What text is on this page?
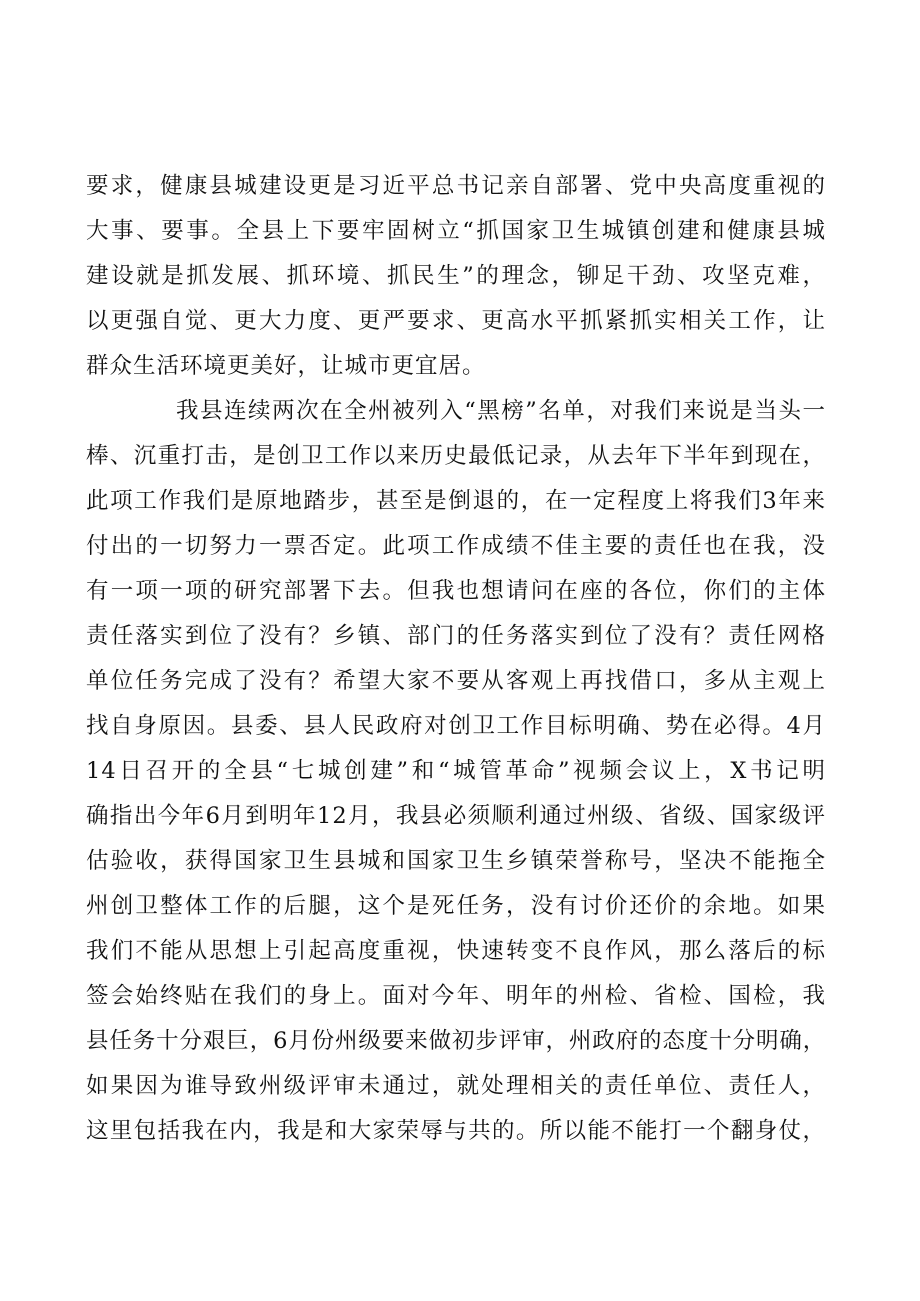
要求，健康县城建设更是习近平总书记亲自部署、党中央高度重视的
大事、要事。全县上下要牢固树立“抓国家卫生城镇创建和健康县城
建设就是抓发展、抓环境、抓民生”的理念，铆足干劲、攻坚克难，
以更强自觉、更大力度、更严要求、更高水平抓紧抓实相关工作，让
群众生活环境更美好，让城市更宜居。
我县连续两次在全州被列入“黑榜”名单，对我们来说是当头一
棒、沉重打击，是创卫工作以来历史最低记录，从去年下半年到现在，
此项工作我们是原地踏步，甚至是倒退的，在一定程度上将我们3年来
付出的一切努力一票否定。此项工作成绩不佳主要的责任也在我，没
有一项一项的研究部署下去。但我也想请问在座的各位，你们的主体
责任落实到位了没有？乡镇、部门的任务落实到位了没有？责任网格
单位任务完成了没有？希望大家不要从客观上再找借口，多从主观上
找自身原因。县委、县人民政府对创卫工作目标明确、势在必得。4月
14日召开的全县“七城创建”和“城管革命”视频会议上，X书记明
确指出今年6月到明年12月，我县必须顺利通过州级、省级、国家级评
估验收，获得国家卫生县城和国家卫生乡镇荣誉称号，坚决不能拖全
州创卫整体工作的后腿，这个是死任务，没有讨价还价的余地。如果
我们不能从思想上引起高度重视，快速转变不良作风，那么落后的标
签会始终贴在我们的身上。面对今年、明年的州检、省检、国检，我
县任务十分艰巨，6月份州级要来做初步评审，州政府的态度十分明确，
如果因为谁导致州级评审未通过，就处理相关的责任单位、责任人，
这里包括我在内，我是和大家荣辱与共的。所以能不能打一个翻身仗，
